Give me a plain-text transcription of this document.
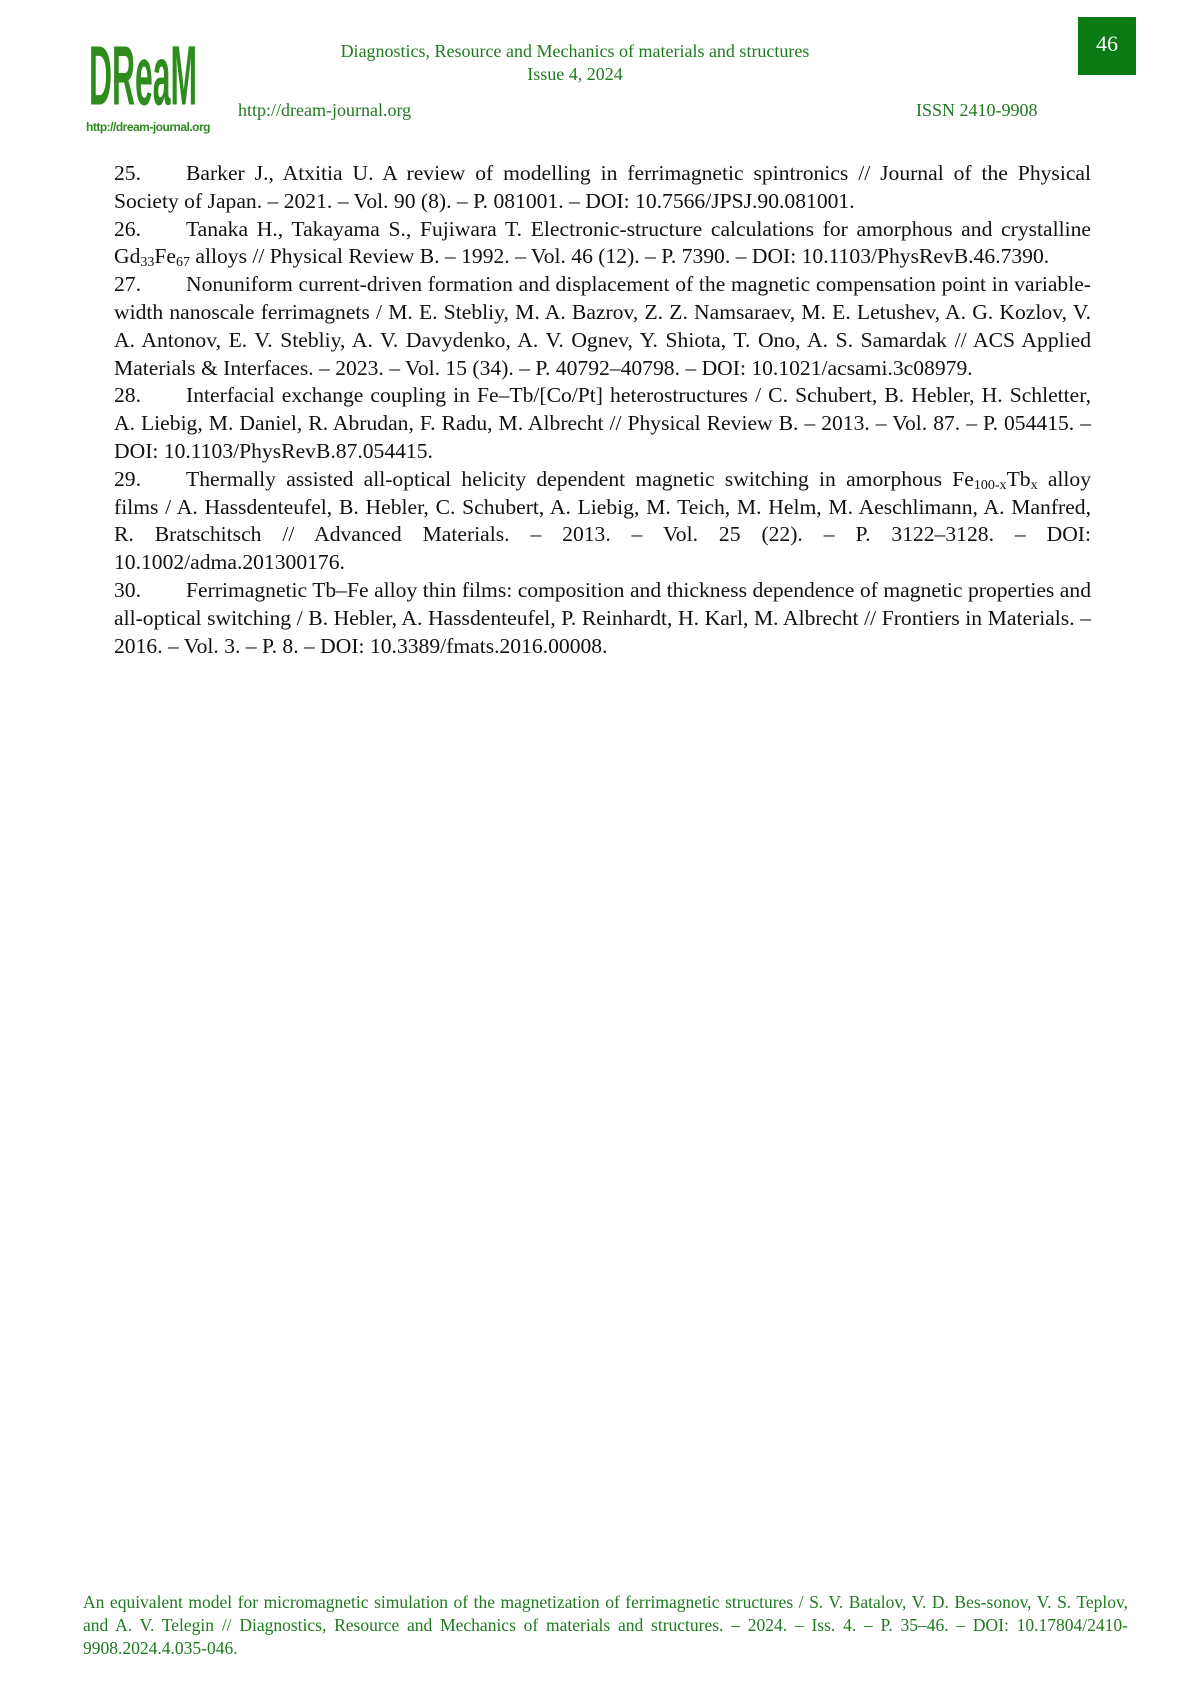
DReaM
http://dream-journal.org
Diagnostics, Resource and Mechanics of materials and structures
Issue 4, 2024
http://dream-journal.org	ISSN 2410-9908
46

25. Barker J., Atxitia U. A review of modelling in ferrimagnetic spintronics // Journal of the Physical Society of Japan. – 2021. – Vol. 90 (8). – P. 081001. – DOI: 10.7566/JPSJ.90.081001.

26. Tanaka H., Takayama S., Fujiwara T. Electronic-structure calculations for amorphous and crystalline $Gd_{33}Fe_{67}$ alloys // Physical Review B. – 1992. – Vol. 46 (12). – P. 7390. – DOI: 10.1103/PhysRevB.46.7390.

27. Nonuniform current-driven formation and displacement of the magnetic compensation point in variable-width nanoscale ferrimagnets / M. E. Stebliy, M. A. Bazrov, Z. Z. Namsaraev, M. E. Letushev, A. G. Kozlov, V. A. Antonov, E. V. Stebliy, A. V. Davydenko, A. V. Ognev, Y. Shiota, T. Ono, A. S. Samardak // ACS Applied Materials & Interfaces. – 2023. – Vol. 15 (34). – P. 40792–40798. – DOI: 10.1021/acsami.3c08979.

28. Interfacial exchange coupling in Fe–Tb/[Co/Pt] heterostructures / C. Schubert, B. Hebler, H. Schletter, A. Liebig, M. Daniel, R. Abrudan, F. Radu, M. Albrecht // Physical Review B. – 2013. – Vol. 87. – P. 054415. – DOI: 10.1103/PhysRevB.87.054415.

29. Thermally assisted all-optical helicity dependent magnetic switching in amorphous $Fe_{100-x}Tb_x$ alloy films / A. Hassdenteufel, B. Hebler, C. Schubert, A. Liebig, M. Teich, M. Helm, M. Aeschlimann, A. Manfred, R. Bratschitsch // Advanced Materials. – 2013. – Vol. 25 (22). – P. 3122–3128. – DOI: 10.1002/adma.201300176.

30. Ferrimagnetic Tb–Fe alloy thin films: composition and thickness dependence of magnetic properties and all-optical switching / B. Hebler, A. Hassdenteufel, P. Reinhardt, H. Karl, M. Albrecht // Frontiers in Materials. – 2016. – Vol. 3. – P. 8. – DOI: 10.3389/fmats.2016.00008.

An equivalent model for micromagnetic simulation of the magnetization of ferrimagnetic structures / S. V. Batalov, V. D. Bes-sonov, V. S. Teplov, and A. V. Telegin // Diagnostics, Resource and Mechanics of materials and structures. – 2024. – Iss. 4. – P. 35–46. – DOI: 10.17804/2410-9908.2024.4.035-046.
